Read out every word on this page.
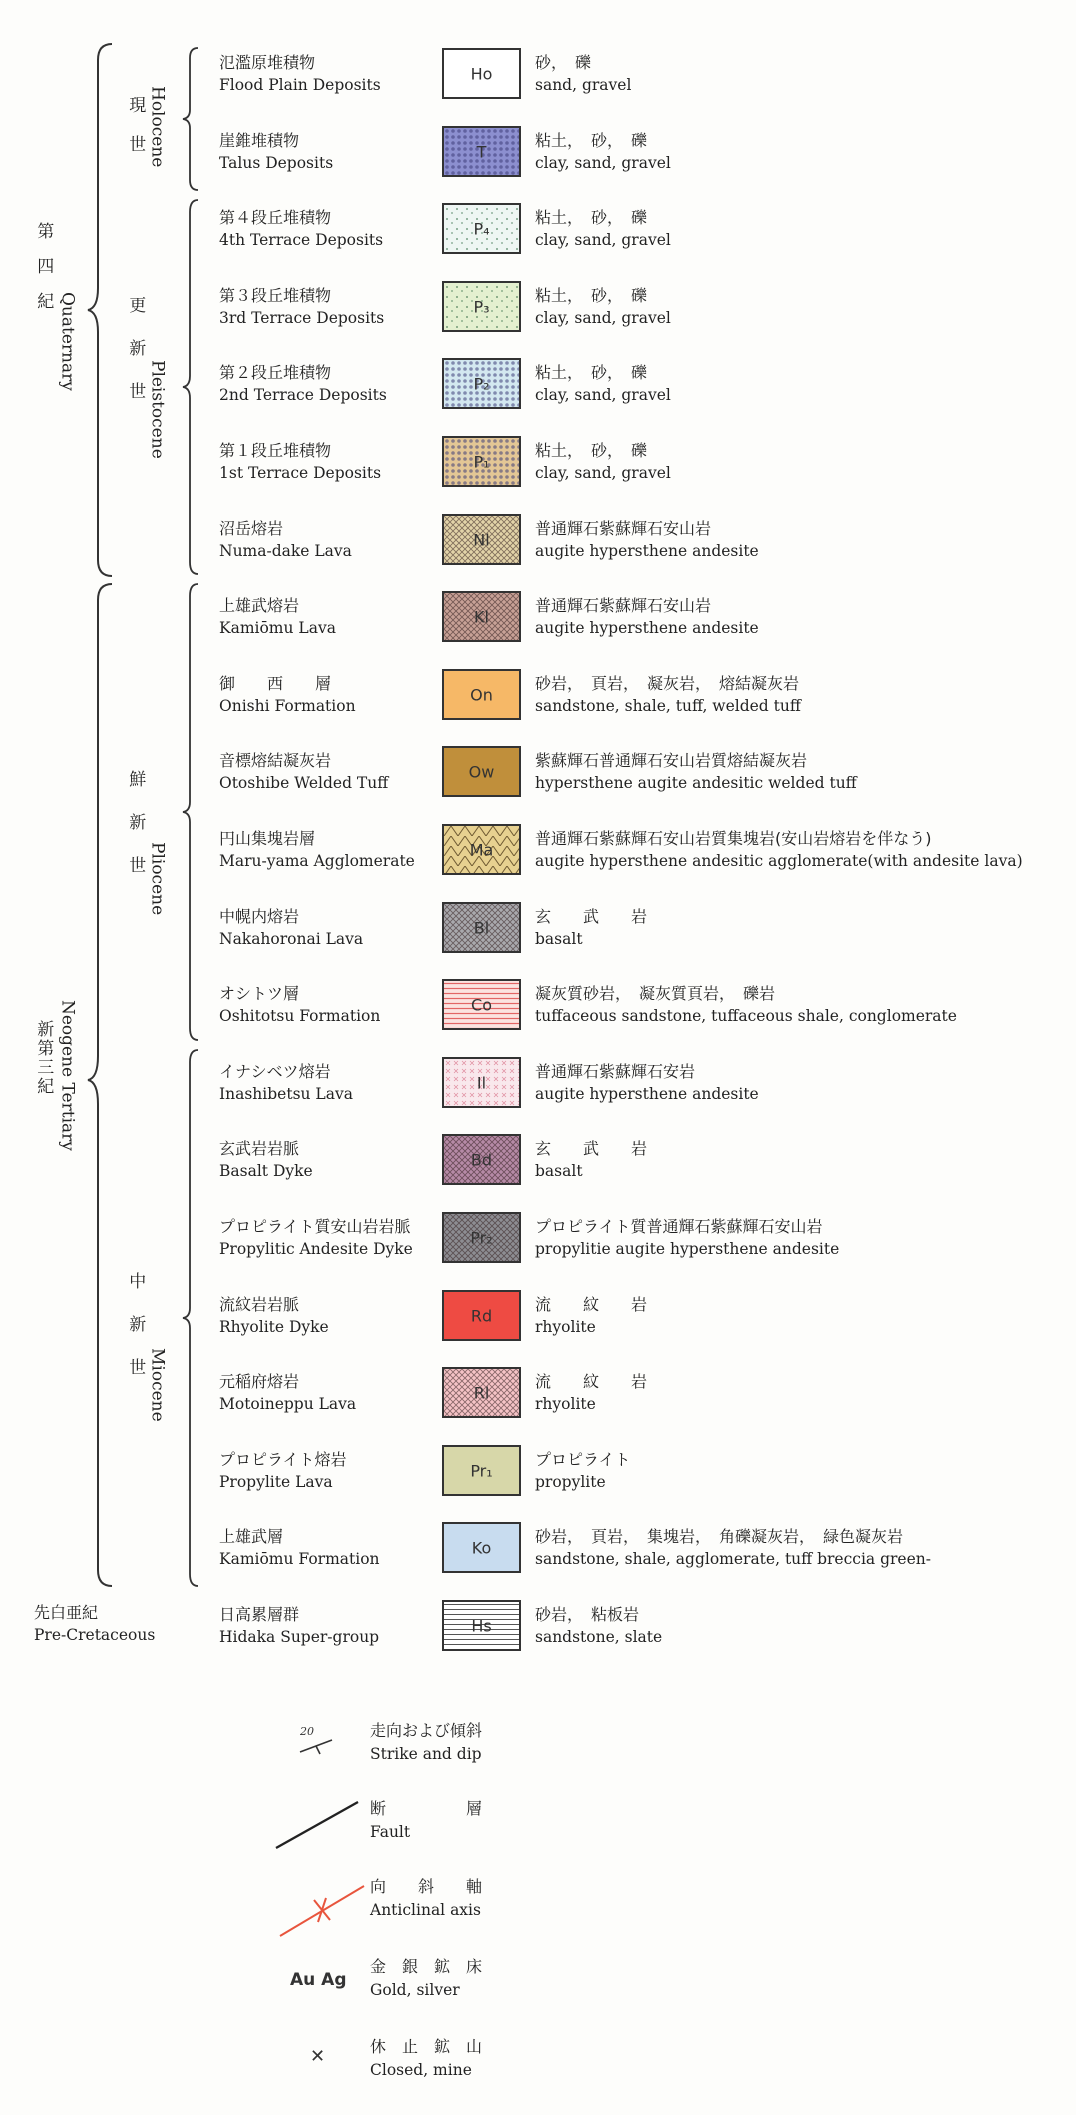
第四紀
Quaternary
新第三紀 Neogene Tertiary
現世 Holocene
更新世 Pleistocene
鮮新世 Pliocene
中新世 Miocene
先白亜紀
Pre-Cretaceous
氾濫原堆積物
Flood Plain Deposits
Ho
砂，　礫
sand, gravel
崖錐堆積物
Talus Deposits
T
粘土，　砂，　礫
clay, sand, gravel
第４段丘堆積物
4th Terrace Deposits
P₄
粘土，　砂，　礫
clay, sand, gravel
第３段丘堆積物
3rd Terrace Deposits
P₃
粘土，　砂，　礫
clay, sand, gravel
第２段丘堆積物
2nd Terrace Deposits
P₂
粘土，　砂，　礫
clay, sand, gravel
第１段丘堆積物
1st Terrace Deposits
P₁
粘土，　砂，　礫
clay, sand, gravel
沼岳熔岩
Numa-dake Lava
Nl
普通輝石紫蘇輝石安山岩
augite hypersthene andesite
上雄武熔岩
Kamiōmu Lava
Kl
普通輝石紫蘇輝石安山岩
augite hypersthene andesite
御　　西　　層
Onishi Formation
On
砂岩，　頁岩，　凝灰岩，　熔結凝灰岩
sandstone, shale, tuff, welded tuff
音標熔結凝灰岩
Otoshibe Welded Tuff
Ow
紫蘇輝石普通輝石安山岩質熔結凝灰岩
hypersthene augite andesitic welded tuff
円山集塊岩層
Maru-yama Agglomerate
Ma
普通輝石紫蘇輝石安山岩質集塊岩(安山岩熔岩を伴なう)
augite hypersthene andesitic agglomerate(with andesite lava)
中幌内熔岩
Nakahoronai Lava
Bl
玄　　武　　岩
basalt
オシトツ層
Oshitotsu Formation
Co
凝灰質砂岩，　凝灰質頁岩，　礫岩
tuffaceous sandstone, tuffaceous shale, conglomerate
イナシベツ熔岩
Inashibetsu Lava
Il
普通輝石紫蘇輝石安岩
augite hypersthene andesite
玄武岩岩脈
Basalt Dyke
Bd
玄　　武　　岩
basalt
プロピライト質安山岩岩脈
Propylitic Andesite Dyke
Pr₂
プロピライト質普通輝石紫蘇輝石安山岩
propylitie augite hypersthene andesite
流紋岩岩脈
Rhyolite Dyke
Rd
流　　紋　　岩
rhyolite
元稲府熔岩
Motoineppu Lava
Rl
流　　紋　　岩
rhyolite
プロピライト熔岩
Propylite Lava
Pr₁
プロピライト
propylite
上雄武層
Kamiōmu Formation
Ko
砂岩，　頁岩，　集塊岩，　角礫凝灰岩，　緑色凝灰岩
sandstone, shale, agglomerate, tuff breccia green-
日高累層群
Hidaka Super-group
Hs
砂岩，　粘板岩
sandstone, slate
20
Au Ag
✕
走向および傾斜
Strike and dip
断　　　　　層
Fault
向　　斜　　軸
Anticlinal axis
金　銀　鉱　床
Gold, silver
休　止　鉱　山
Closed, mine
